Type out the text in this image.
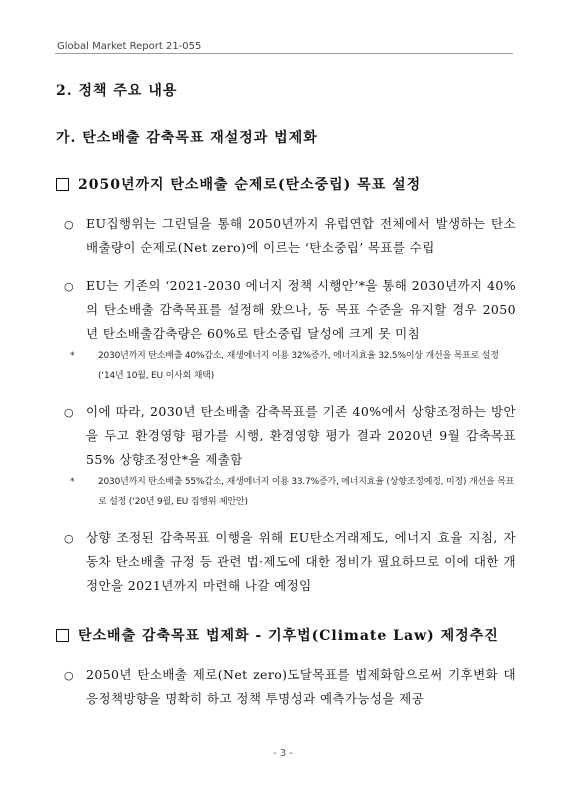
Global Market Report 21-055
2. 정책 주요 내용
가. 탄소배출 감축목표 재설정과 법제화
2050년까지 탄소배출 순제로(탄소중립) 목표 설정
○ EU집행위는 그린딜을 통해 2050년까지 유럽연합 전체에서 발생하는 탄소배출량이 순제로(Net zero)에 이르는 ‘탄소중립’ 목표를 수립
○ EU는 기존의 ‘2021-2030 에너지 정책 시행안’*을 통해 2030년까지 40%의 탄소배출 감축목표를 설정해 왔으나, 동 목표 수준을 유지할 경우 2050년 탄소배출감축량은 60%로 탄소중립 달성에 크게 못 미침
*	2030년까지 탄소배출 40%감소, 재생에너지 이용 32%증가, 에너지효율 32.5%이상 개선을 목표로 설정 (‘14년 10월, EU 이사회 채택)
○ 이에 따라, 2030년 탄소배출 감축목표를 기존 40%에서 상향조정하는 방안을 두고 환경영향 평가를 시행, 환경영향 평가 결과 2020년 9월 감축목표 55% 상향조정안*을 제출함
*	2030년까지 탄소배출 55%감소, 재생에너지 이용 33.7%증가, 에너지효율 (상향조정예정, 미정) 개선을 목표로 설정 (‘20년 9월, EU 집행위 제안안)
○ 상향 조정된 감축목표 이행을 위해 EU탄소거래제도, 에너지 효율 지침, 자동차 탄소배출 규정 등 관련 법·제도에 대한 정비가 필요하므로 이에 대한 개정안을 2021년까지 마련해 나갈 예정임
탄소배출 감축목표 법제화 - 기후법(Climate Law) 제정추진
○ 2050년 탄소배출 제로(Net zero)도달목표를 법제화함으로써 기후변화 대응정책방향을 명확히 하고 정책 투명성과 예측가능성을 제공
- 3 -
